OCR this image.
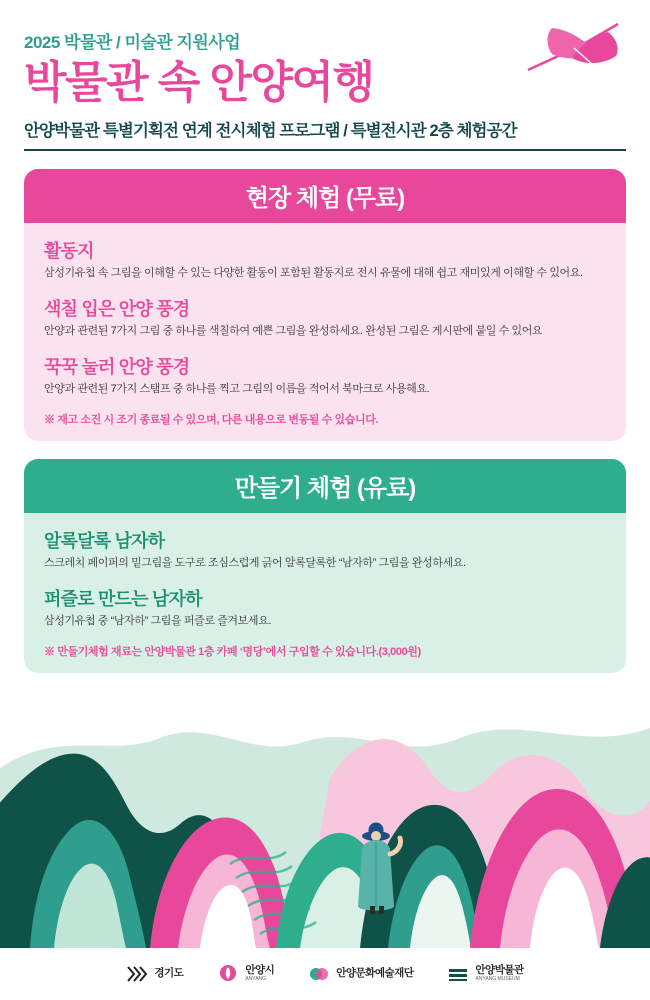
2025 박물관 / 미술관 지원사업
박물관 속 안양여행
안양박물관 특별기획전 연계 전시체험 프로그램 / 특별전시관 2층 체험공간
현장 체험 (무료)
활동지
삼성기유첩 속 그림을 이해할 수 있는 다양한 활동이 포함된 활동지로 전시 유물에 대해 쉽고 재미있게 이해할 수 있어요.
색칠 입은 안양 풍경
안양과 관련된 7가지 그림 중 하나를 색칠하여 예쁜 그림을 완성하세요. 완성된 그림은 게시판에 붙일 수 있어요
꾹꾹 눌러 안양 풍경
안양과 관련된 7가지 스탬프 중 하나를 찍고 그림의 이름을 적어서 북마크로 사용해요.
※ 재고 소진 시 조기 종료될 수 있으며, 다른 내용으로 변동될 수 있습니다.
만들기 체험 (유료)
알록달록 남자하
스크레치 페이퍼의 밑그림을 도구로 조심스럽게 긁어 알록달록한 “남자하” 그림을 완성하세요.
퍼즐로 만드는 남자하
삼성기유첩 중 “남자하” 그림을 퍼즐로 즐겨보세요.
※ 만들기체험 재료는 안양박물관 1층 카페 ‘명당’에서 구입할 수 있습니다.(3,000원)
경기도	안양시
ANYANG	안양문화예술재단	안양박물관
ANYANG MUSEUM
